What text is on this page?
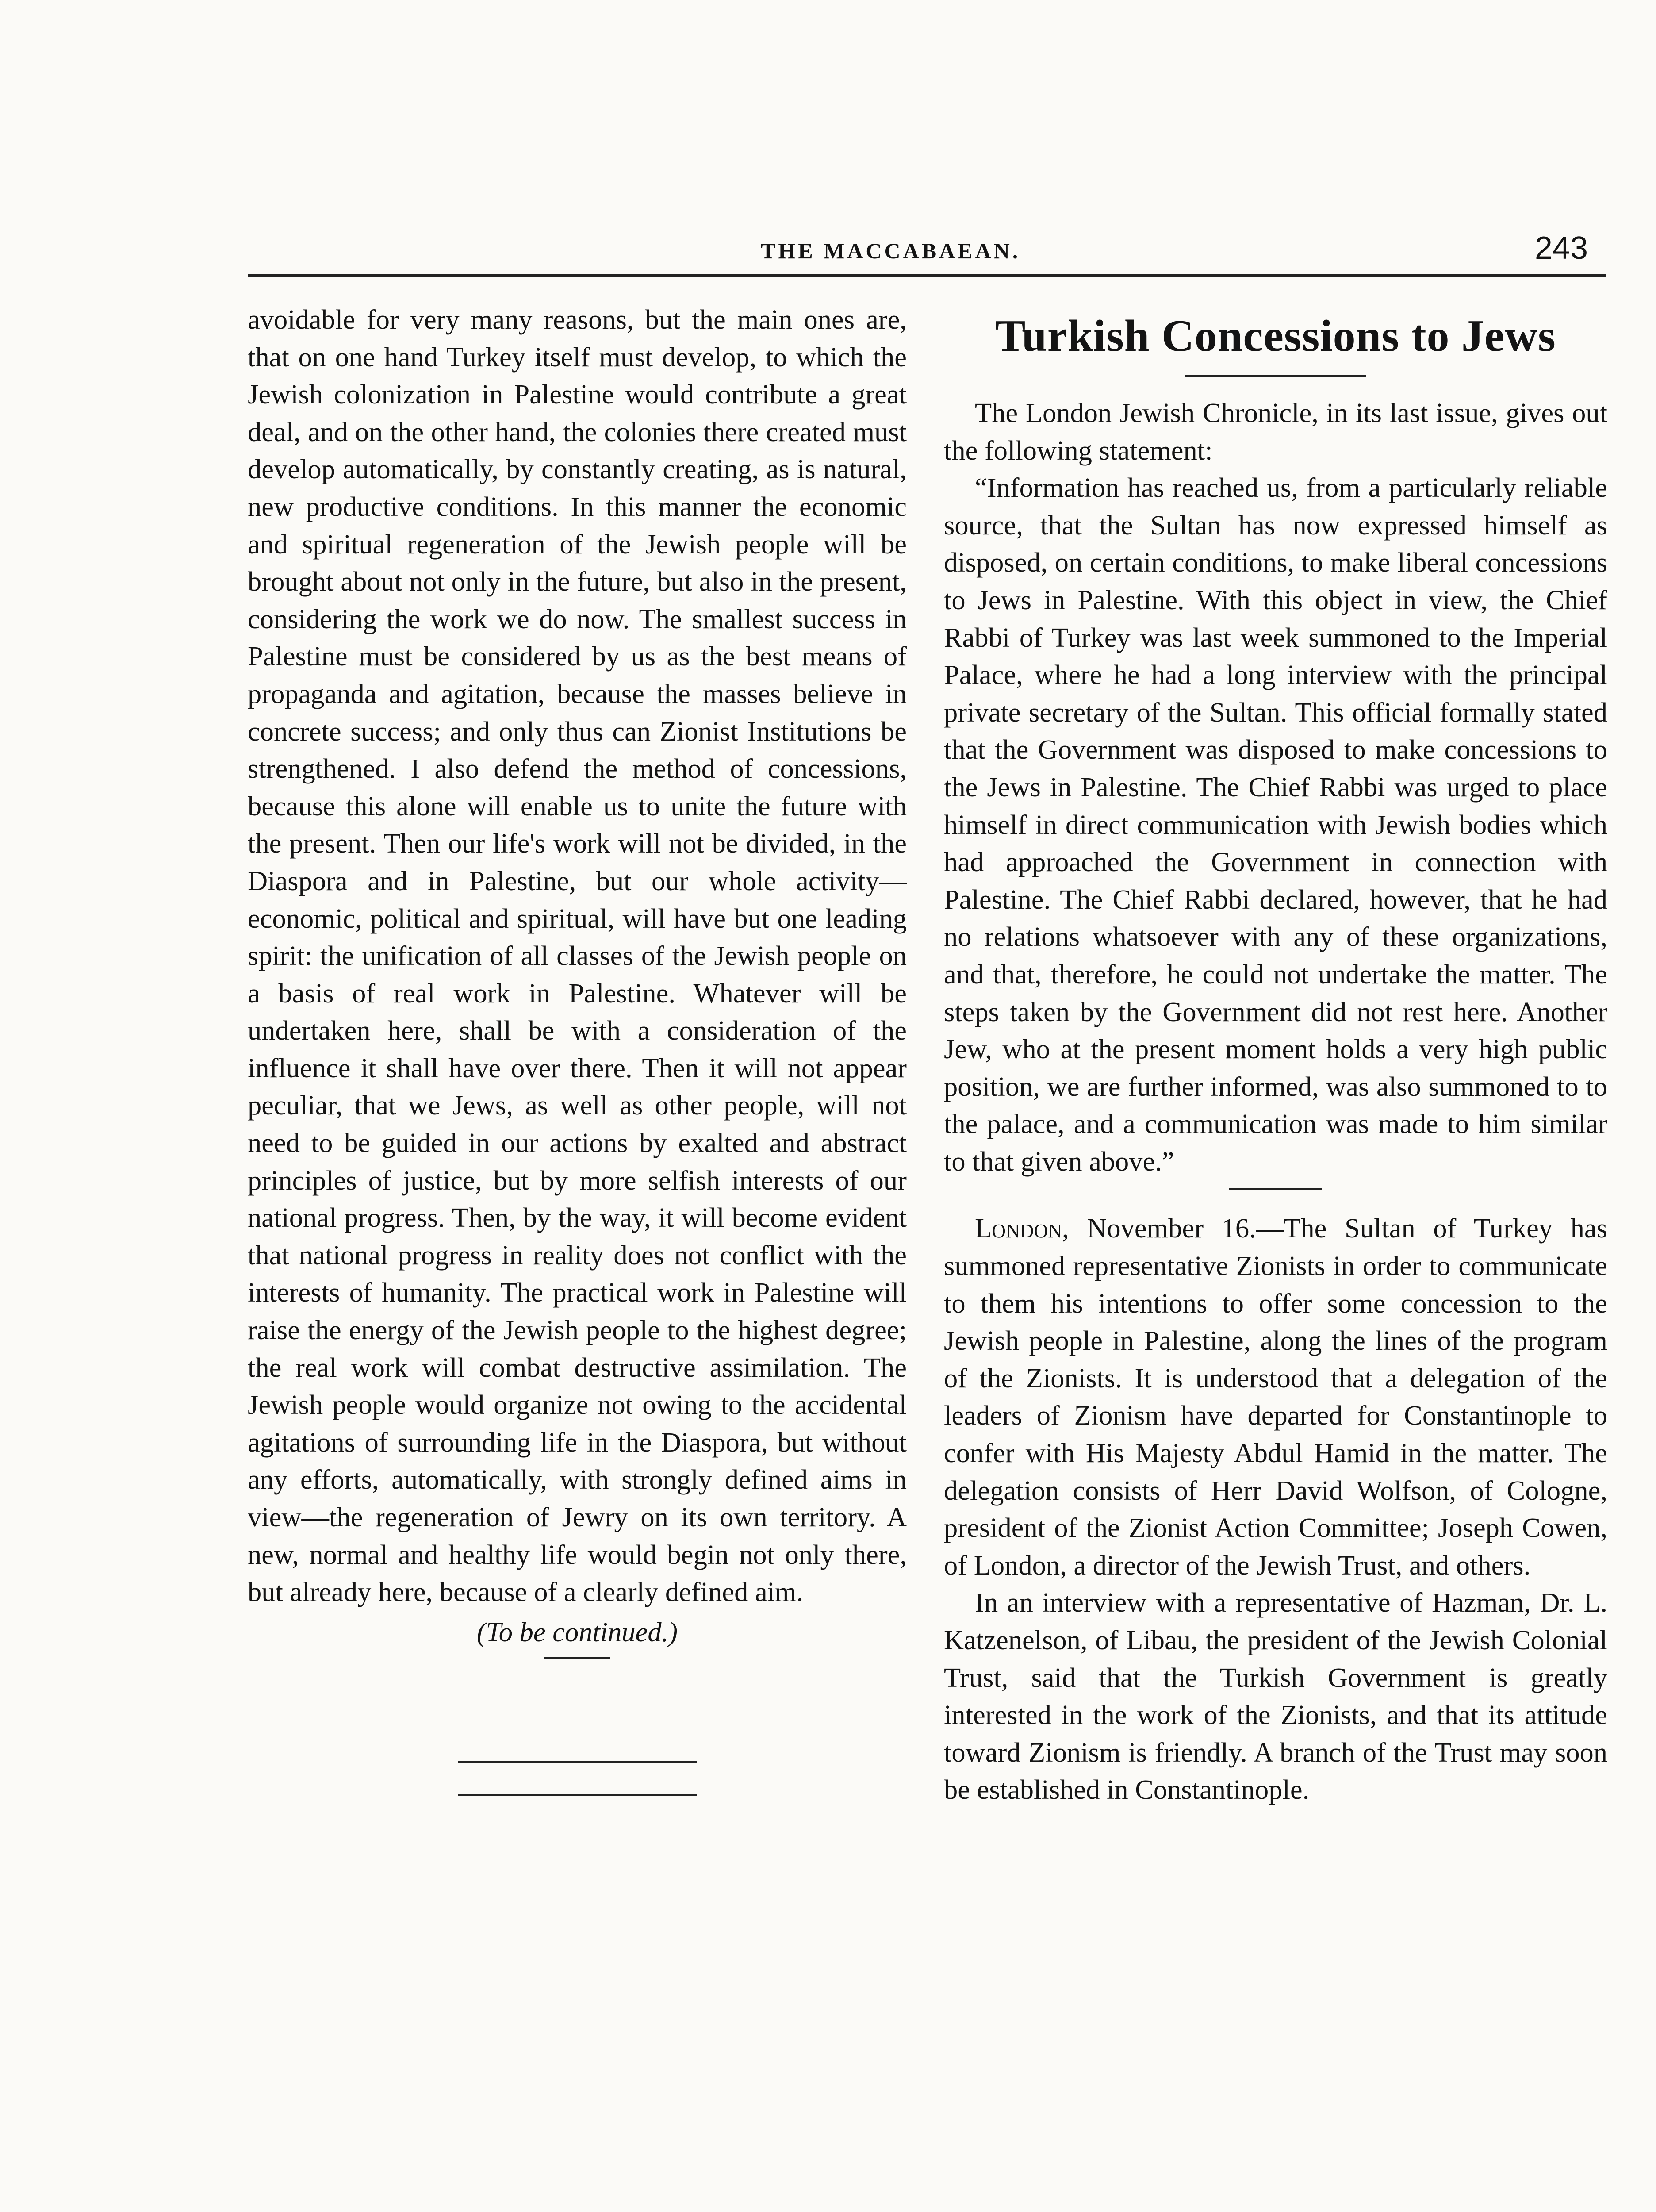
THE MACCABAEAN.	243

avoidable for very many reasons, but the main ones are, that on one hand Turkey itself must develop, to which the Jewish colonization in Palestine would contribute a great deal, and on the other hand, the colonies there created must develop automatically, by constantly creating, as is natural, new productive conditions. In this manner the economic and spiritual regeneration of the Jewish people will be brought about not only in the future, but also in the present, considering the work we do now. The smallest success in Palestine must be considered by us as the best means of propaganda and agitation, because the masses believe in concrete success; and only thus can Zionist Institutions be strengthened. I also defend the method of concessions, because this alone will enable us to unite the future with the present. Then our life's work will not be divided, in the Diaspora and in Palestine, but our whole activity—economic, political and spiritual, will have but one leading spirit: the unification of all classes of the Jewish people on a basis of real work in Palestine. Whatever will be undertaken here, shall be with a consideration of the influence it shall have over there. Then it will not appear peculiar, that we Jews, as well as other people, will not need to be guided in our actions by exalted and abstract principles of justice, but by more selfish interests of our national progress. Then, by the way, it will become evident that national progress in reality does not conflict with the interests of humanity. The practical work in Palestine will raise the energy of the Jewish people to the highest degree; the real work will combat destructive assimilation. The Jewish people would organize not owing to the accidental agitations of surrounding life in the Diaspora, but without any efforts, automatically, with strongly defined aims in view—the regeneration of Jewry on its own territory. A new, normal and healthy life would begin not only there, but already here, because of a clearly defined aim.

(To be continued.)

Turkish Concessions to Jews

The London Jewish Chronicle, in its last issue, gives out the following statement:

“Information has reached us, from a particularly reliable source, that the Sultan has now expressed himself as disposed, on certain conditions, to make liberal concessions to Jews in Palestine. With this object in view, the Chief Rabbi of Turkey was last week summoned to the Imperial Palace, where he had a long interview with the principal private secretary of the Sultan. This official formally stated that the Government was disposed to make concessions to the Jews in Palestine. The Chief Rabbi was urged to place himself in direct communication with Jewish bodies which had approached the Government in connection with Palestine. The Chief Rabbi declared, however, that he had no relations whatsoever with any of these organizations, and that, therefore, he could not undertake the matter. The steps taken by the Government did not rest here. Another Jew, who at the present moment holds a very high public position, we are further informed, was also summoned to to the palace, and a communication was made to him similar to that given above.”

London, November 16.—The Sultan of Turkey has summoned representative Zionists in order to communicate to them his intentions to offer some concession to the Jewish people in Palestine, along the lines of the program of the Zionists. It is understood that a delegation of the leaders of Zionism have departed for Constantinople to confer with His Majesty Abdul Hamid in the matter. The delegation consists of Herr David Wolfson, of Cologne, president of the Zionist Action Committee; Joseph Cowen, of London, a director of the Jewish Trust, and others.

In an interview with a representative of Hazman, Dr. L. Katzenelson, of Libau, the president of the Jewish Colonial Trust, said that the Turkish Government is greatly interested in the work of the Zionists, and that its attitude toward Zionism is friendly. A branch of the Trust may soon be established in Constantinople.
